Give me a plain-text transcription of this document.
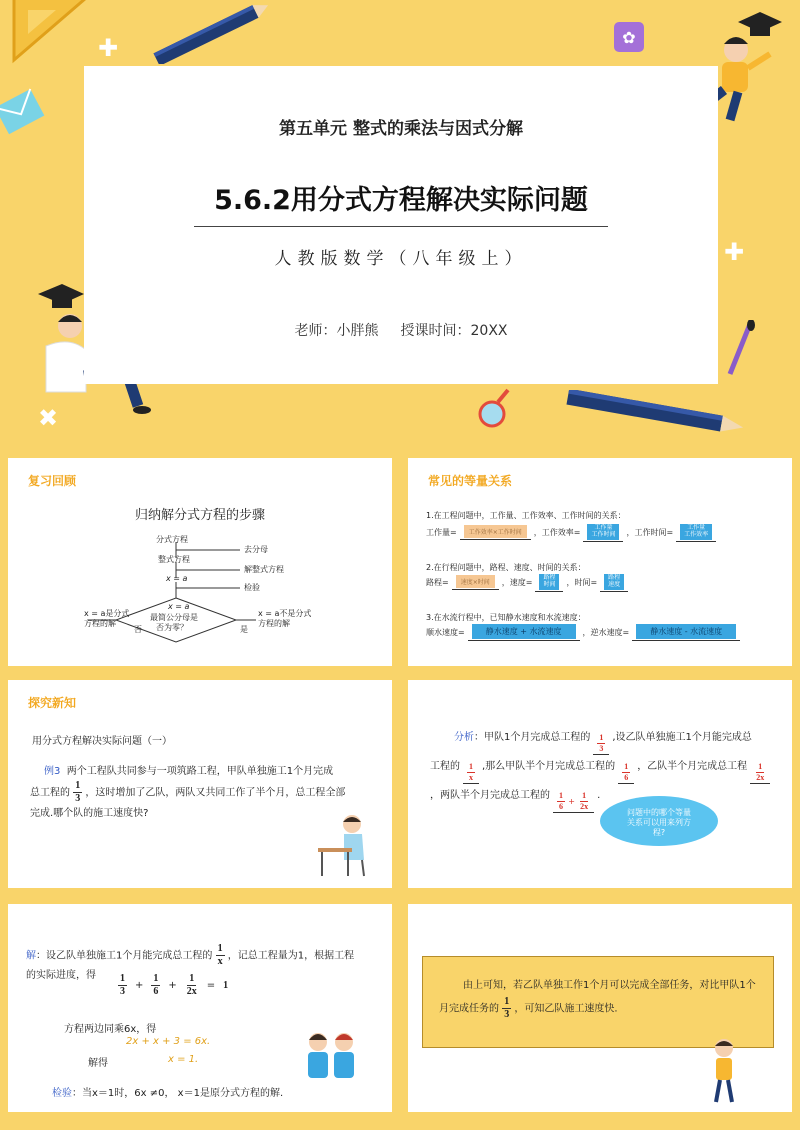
✚	✿
✚
✖
第五单元 整式的乘法与因式分解
5.6.2用分式方程解决实际问题
人教版数学（八年级上）
老师：小胖熊 授课时间：20XX
复习回顾
归纳解分式方程的步骤
分式方程
整式方程
x = a
去分母
解整式方程
检验
x = a
最简公分母是
否为零？
x = a是分式
方程的解
x = a不是分式
方程的解
否	是
常见的等量关系
1.在工程问题中，工作量、工作效率、工作时间的关系：
工作量=	工作效率×工作时间	，工作效率=
工作量
工作时间	，工作时间=
工作量
工作效率
2.在行程问题中，路程、速度、时间的关系：
路程=	速度×时间	，速度=
路程
时间	，时间=
路程
速度
3.在水流行程中，已知静水速度和水流速度：
顺水速度=	静水速度 + 水流速度	，逆水速度=	静水速度 - 水流速度
探究新知
用分式方程解决实际问题（一）
例3 两个工程队共同参与一项筑路工程，甲队单独施工1个月完成
总工程的 $\frac{1}{3}$ ，这时增加了乙队，两队又共同工作了半个月，总工程全部
完成.哪个队的施工速度快?
分析：甲队1个月完成总工程的 $\frac{1}{3}$ ,设乙队单独施工1个月能完成总
工程的 $\frac{1}{x}$ ,那么甲队半个月完成总工程的 $\frac{1}{6}$ ，乙队半个月完成总工程 $\frac{1}{2x}$
，两队半个月完成总工程的 $\frac{1}{6}$
+
$\frac{1}{2x}$ .
问题中的哪个等量
关系可以用来列方
程?
解：设乙队单独施工1个月能完成总工程的 $\frac{1}{x}$ ，记总工程量为1，根据工程
的实际进度，得 $\frac{1}{3} + \frac{1}{6} + \frac{1}{2x} = 1$
方程两边同乘6x，得
2x + x + 3 = 6x.
解得	x = 1.
检验：当x＝1时，6x ≠0， x＝1是原分式方程的解.
由上可知，若乙队单独工作1个月可以完成全部任务，对比甲队1个
月完成任务的 $\frac{1}{3}$ ，可知乙队施工速度快.
